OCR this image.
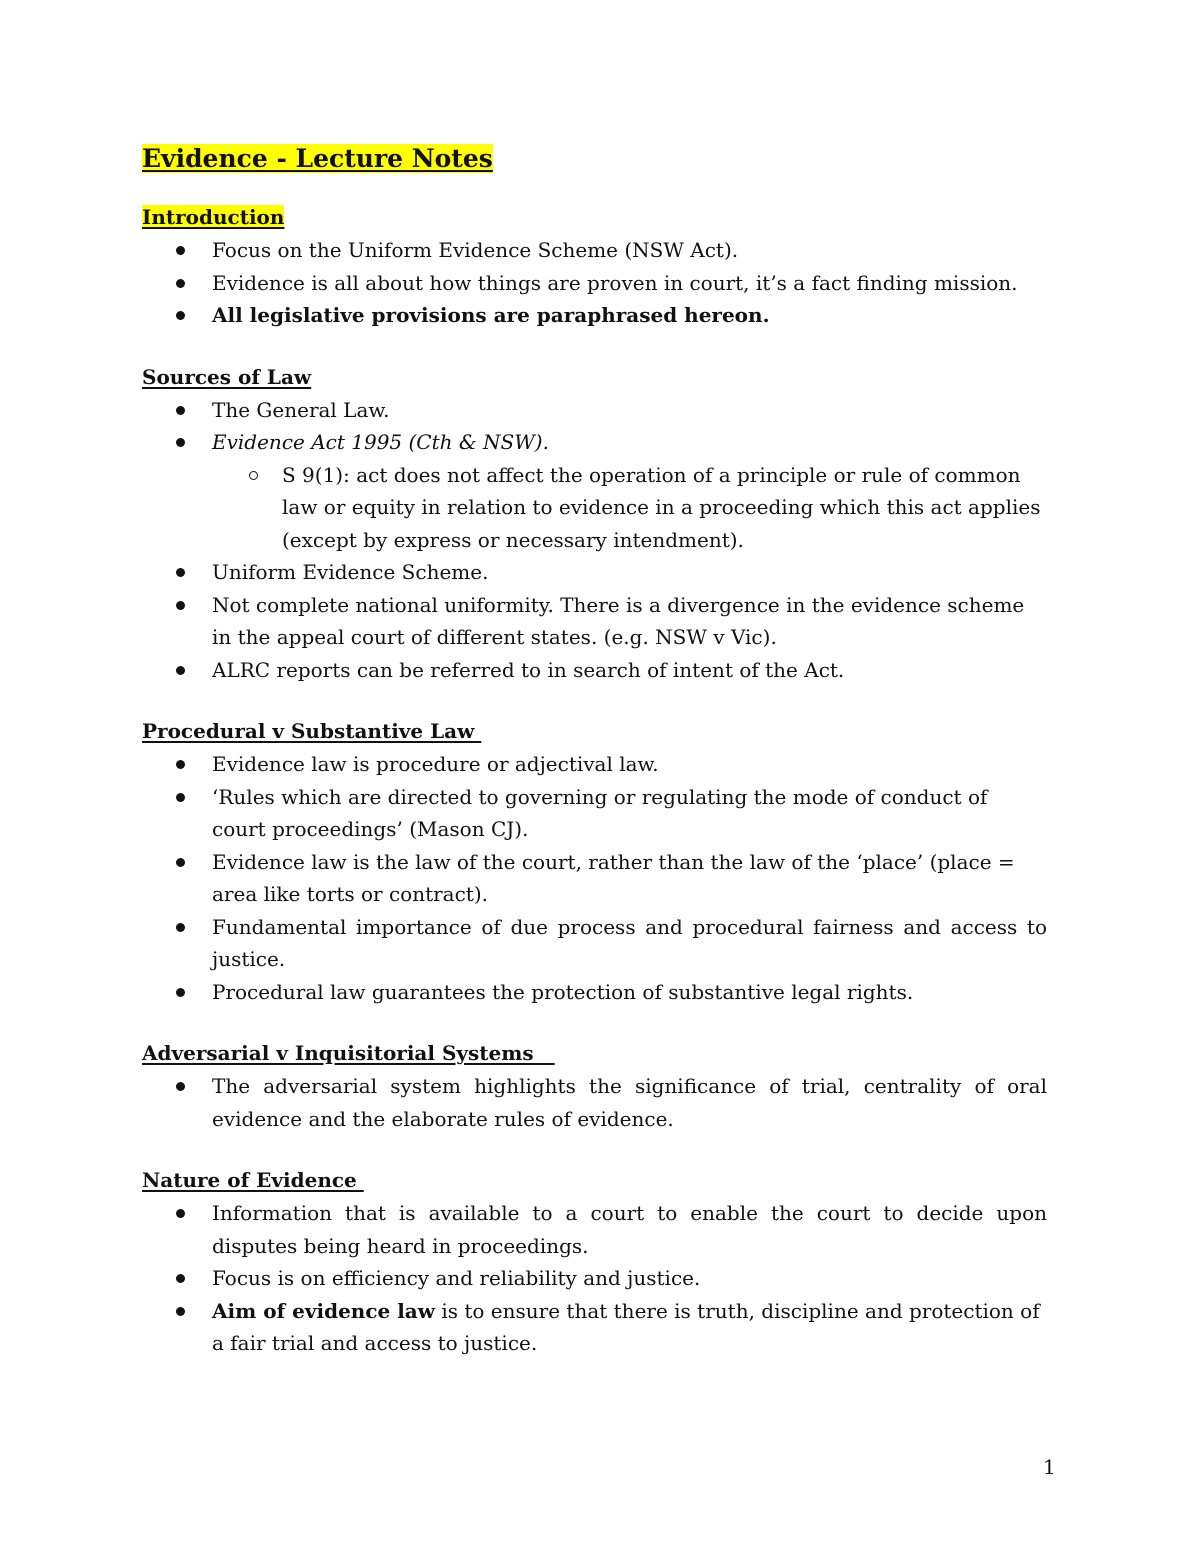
Evidence - Lecture Notes
Introduction
Focus on the Uniform Evidence Scheme (NSW Act).
Evidence is all about how things are proven in court, it’s a fact finding mission.
All legislative provisions are paraphrased hereon.
Sources of Law
The General Law.
Evidence Act 1995 (Cth & NSW).
S 9(1): act does not affect the operation of a principle or rule of common law or equity in relation to evidence in a proceeding which this act applies (except by express or necessary intendment).
Uniform Evidence Scheme.
Not complete national uniformity. There is a divergence in the evidence scheme in the appeal court of different states. (e.g. NSW v Vic).
ALRC reports can be referred to in search of intent of the Act.
Procedural v Substantive Law
Evidence law is procedure or adjectival law.
‘Rules which are directed to governing or regulating the mode of conduct of court proceedings’ (Mason CJ).
Evidence law is the law of the court, rather than the law of the ‘place’ (place = area like torts or contract).
Fundamental importance of due process and procedural fairness and access to justice.
Procedural law guarantees the protection of substantive legal rights.
Adversarial v Inquisitorial Systems
The adversarial system highlights the significance of trial, centrality of oral evidence and the elaborate rules of evidence.
Nature of Evidence
Information that is available to a court to enable the court to decide upon disputes being heard in proceedings.
Focus is on efficiency and reliability and justice.
Aim of evidence law is to ensure that there is truth, discipline and protection of a fair trial and access to justice.
1
